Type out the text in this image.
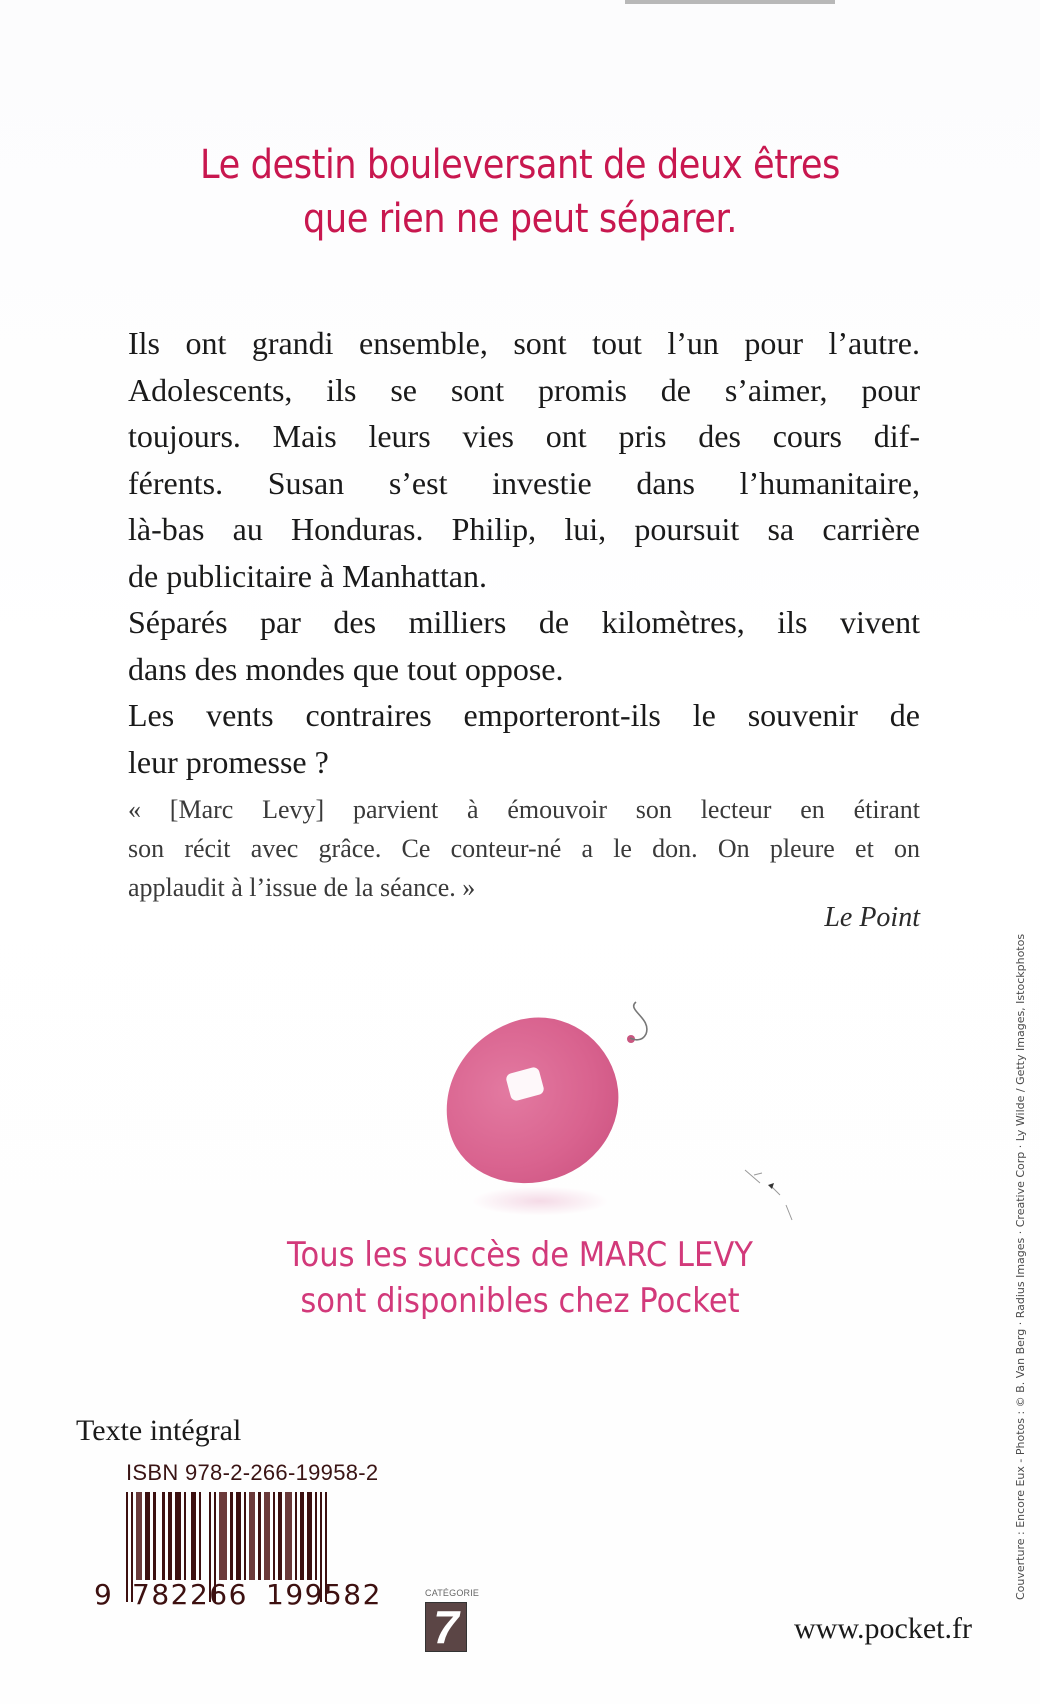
Le destin bouleversant de deux êtres
que rien ne peut séparer.
Ils ont grandi ensemble, sont tout l’un pour l’autre.
Adolescents, ils se sont promis de s’aimer, pour
toujours. Mais leurs vies ont pris des cours dif-
férents. Susan s’est investie dans l’humanitaire,
là-bas au Honduras. Philip, lui, poursuit sa carrière
de publicitaire à Manhattan.
Séparés par des milliers de kilomètres, ils vivent
dans des mondes que tout oppose.
Les vents contraires emporteront-ils le souvenir de
leur promesse ?
« [Marc Levy] parvient à émouvoir son lecteur en étirant
son récit avec grâce. Ce conteur-né a le don. On pleure et on
applaudit à l’issue de la séance. »
Le Point
Tous les succès de MARC LEVY
sont disponibles chez Pocket
Texte intégral
ISBN 978-2-266-19958-2
9 782266 199582	CATÉGORIE
7	www.pocket.fr
Couverture : Encore Eux - Photos : © B. Van Berg · Radius Images · Creative Corp · Ly Wilde / Getty Images, Istockphotos
